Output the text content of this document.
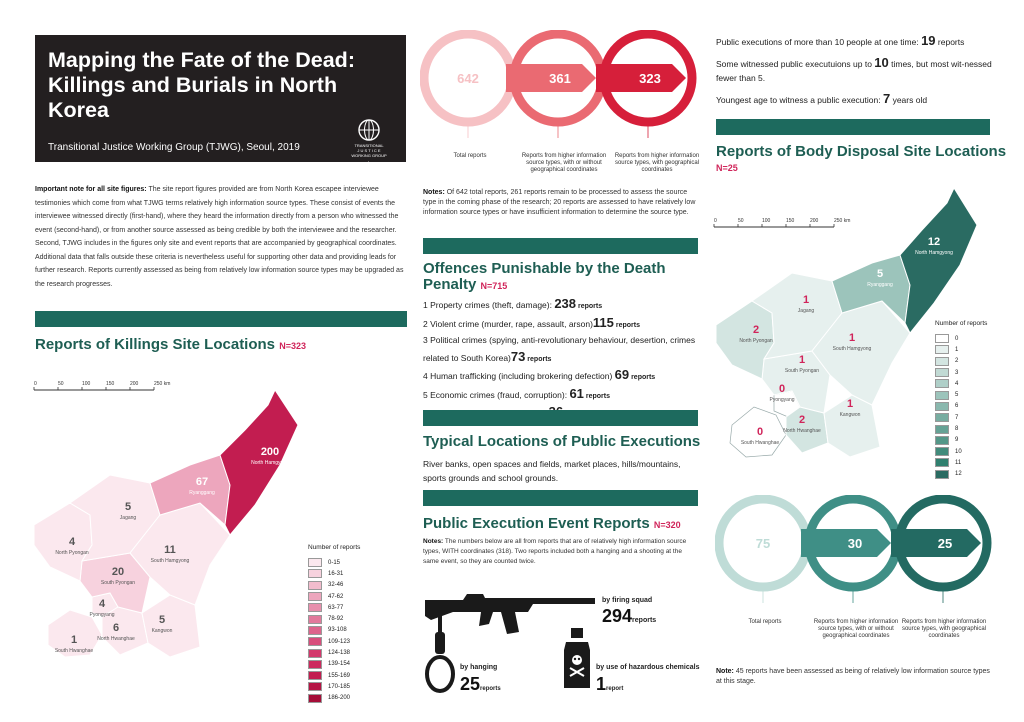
Mapping the Fate of the Dead:
Killings and Burials in North Korea
Transitional Justice Working Group (TJWG), Seoul, 2019	TRANSITIONAL
J U S T I C E
WORKING GROUP
www.tjwg.org
Important note for all site figures: The site report figures provided are from North Korea escapee interviewee testimonies which come from what TJWG terms relatively high information source types. These consist of events the interviewee witnessed directly (first-hand), where they heard the information directly from a person who witnessed the event (second-hand), or from another source assessed as being credible by both the interviewee and the researcher. Second, TJWG includes in the figures only site and event reports that are accompanied by geographical coordinates. Additional data that falls outside these criteria is nevertheless useful for supporting other data and providing leads for further research. Reports currently assessed as being from relatively low information source types may be upgraded as the research progresses.
Reports of Killings Site Locations N=323
0	50	100	150	200	250 km
200
North Hamgyong
67
Ryanggang
5
Jagang
4
North Pyongan	11
South Hamgyong
20
South Pyongan
4
Pyongyang
6
North Hwanghae
5
Kangwon
1
South Hwanghae
Number of reports
0-15
16-31
32-46
47-62
63-77
78-92
93-108
109-123
124-138
139-154
155-169
170-185
186-200
642	361	323
Total reports	Reports from higher information source types, with or without geographical coordinates
Reports from higher information source types, with geographical coordinates
Notes: Of 642 total reports, 261 reports remain to be processed to assess the source type in the coming phase of the research; 20 reports are assessed to have relatively low information source types or have insufficient information to determine the source type.
Offences Punishable by the Death
Penalty N=715
1 Property crimes (theft, damage): 238 reports
2 Violent crime (murder, rape, assault, arson)115 reports
3 Political crimes (spying, anti-revolutionary behaviour, desertion, crimes related to South Korea)73 reports
4 Human trafficking (including brokering defection) 69 reports
5 Economic crimes (fraud, corruption): 61 reports
Typical Locations of Public Executions
River banks, open spaces and fields, market places, hills/mountains, sports grounds and school grounds.
Public Execution Event Reports N=320
Notes: The numbers below are all from reports that are of relatively high information source types, WITH coordinates (318). Two reports included both a hanging and a shooting at the same event, so they are counted twice.
by firing squad
294reports
by hanging
25reports
by use of hazardous chemicals
1report
Public executions of more than 10 people at one time: 19 reports
Some witnessed public executuions up to 10 times, but most wit-nessed fewer than 5.
Youngest age to witness a public execution: 7 years old
Reports of Body Disposal Site Locations
N=25
0	50	100	150	200	250 km
12
North Hamgyong
5
Ryanggang
1
Jagang
2
North Pyongan	1
South Hamgyong
1
South Pyongan
0
Pyongyang
2
North Hwanghae
1
Kangwon
0
South Hwanghae
Number of reports
0
1
2
3
4
5
6
7
8
9
10
11
12
75	30	25
Total reports	Reports from higher information source types, with or without geographical coordinates
Reports from higher information source types, with geographical coordinates
Note: 45 reports have been assessed as being of relatively low information source types at this stage.
